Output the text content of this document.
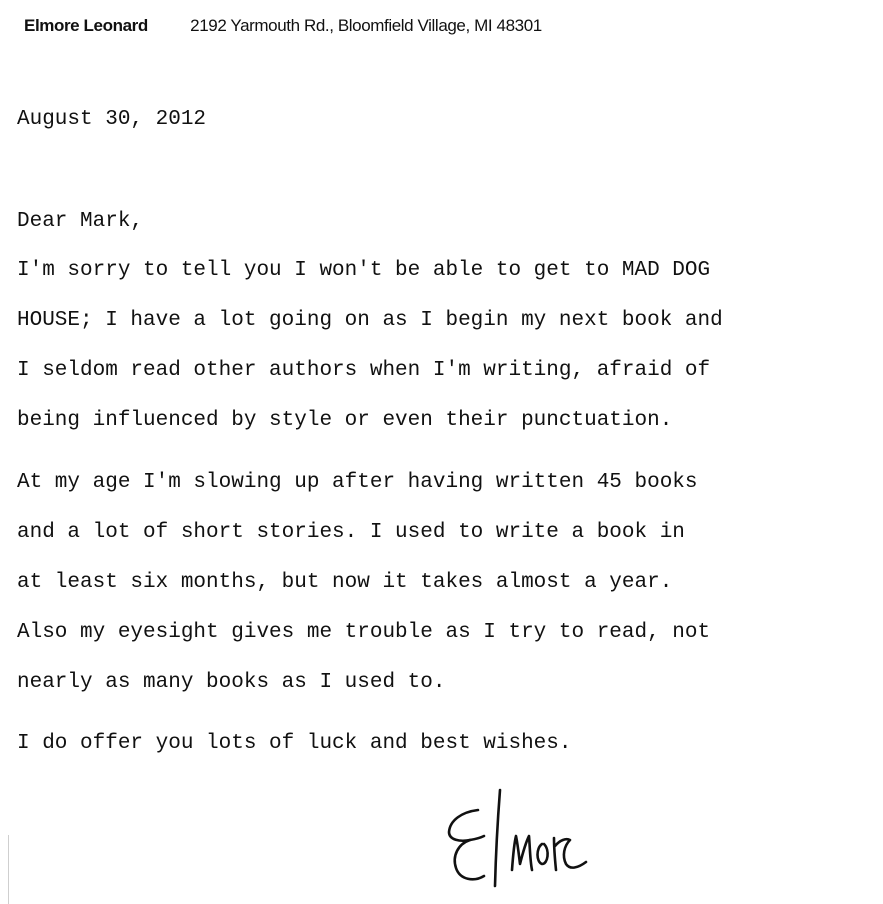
Elmore Leonard 2192 Yarmouth Rd., Bloomfield Village, MI 48301
August 30, 2012
Dear Mark,
I'm sorry to tell you I won't be able to get to MAD DOG
HOUSE; I have a lot going on as I begin my next book and
I seldom read other authors when I'm writing, afraid of
being influenced by style or even their punctuation.
At my age I'm slowing up after having written 45 books
and a lot of short stories. I used to write a book in
at least six months, but now it takes almost a year.
Also my eyesight gives me trouble as I try to read, not
nearly as many books as I used to.
I do offer you lots of luck and best wishes.
